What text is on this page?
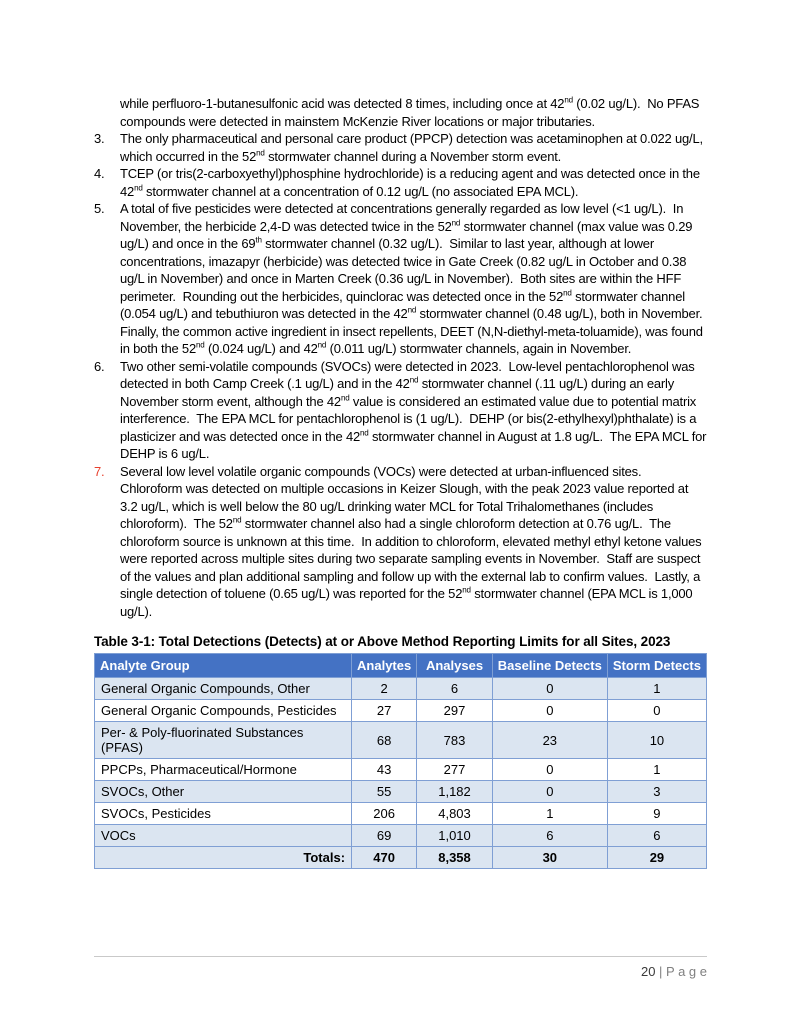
while perfluoro-1-butanesulfonic acid was detected 8 times, including once at 42nd (0.02 ug/L).  No PFAS compounds were detected in mainstem McKenzie River locations or major tributaries.
3.	The only pharmaceutical and personal care product (PPCP) detection was acetaminophen at 0.022 ug/L, which occurred in the 52nd stormwater channel during a November storm event.
4.	TCEP (or tris(2-carboxyethyl)phosphine hydrochloride) is a reducing agent and was detected once in the 42nd stormwater channel at a concentration of 0.12 ug/L (no associated EPA MCL).
5.	A total of five pesticides were detected at concentrations generally regarded as low level (<1 ug/L).  In November, the herbicide 2,4-D was detected twice in the 52nd stormwater channel (max value was 0.29 ug/L) and once in the 69th stormwater channel (0.32 ug/L).  Similar to last year, although at lower concentrations, imazapyr (herbicide) was detected twice in Gate Creek (0.82 ug/L in October and 0.38 ug/L in November) and once in Marten Creek (0.36 ug/L in November).  Both sites are within the HFF perimeter.  Rounding out the herbicides, quinclorac was detected once in the 52nd stormwater channel (0.054 ug/L) and tebuthiuron was detected in the 42nd stormwater channel (0.48 ug/L), both in November.  Finally, the common active ingredient in insect repellents, DEET (N,N-diethyl-meta-toluamide), was found in both the 52nd (0.024 ug/L) and 42nd (0.011 ug/L) stormwater channels, again in November.
6.	Two other semi-volatile compounds (SVOCs) were detected in 2023.  Low-level pentachlorophenol was detected in both Camp Creek (.1 ug/L) and in the 42nd stormwater channel (.11 ug/L) during an early November storm event, although the 42nd value is considered an estimated value due to potential matrix interference.  The EPA MCL for pentachlorophenol is (1 ug/L).  DEHP (or bis(2-ethylhexyl)phthalate) is a plasticizer and was detected once in the 42nd stormwater channel in August at 1.8 ug/L.  The EPA MCL for DEHP is 6 ug/L.
7.	Several low level volatile organic compounds (VOCs) were detected at urban-influenced sites.  Chloroform was detected on multiple occasions in Keizer Slough, with the peak 2023 value reported at 3.2 ug/L, which is well below the 80 ug/L drinking water MCL for Total Trihalomethanes (includes chloroform).  The 52nd stormwater channel also had a single chloroform detection at 0.76 ug/L.  The chloroform source is unknown at this time.  In addition to chloroform, elevated methyl ethyl ketone values were reported across multiple sites during two separate sampling events in November.  Staff are suspect of the values and plan additional sampling and follow up with the external lab to confirm values.  Lastly, a single detection of toluene (0.65 ug/L) was reported for the 52nd stormwater channel (EPA MCL is 1,000 ug/L).
Table 3-1: Total Detections (Detects) at or Above Method Reporting Limits for all Sites, 2023
Analyte Group	Analytes	Analyses	Baseline Detects	Storm Detects
General Organic Compounds, Other	2	6	0	1
General Organic Compounds, Pesticides	27	297	0	0
Per- & Poly-fluorinated Substances (PFAS)	68	783	23	10
PPCPs, Pharmaceutical/Hormone	43	277	0	1
SVOCs, Other	55	1,182	0	3
SVOCs, Pesticides	206	4,803	1	9
VOCs	69	1,010	6	6
Totals:	470	8,358	30	29
20 | P a g e
